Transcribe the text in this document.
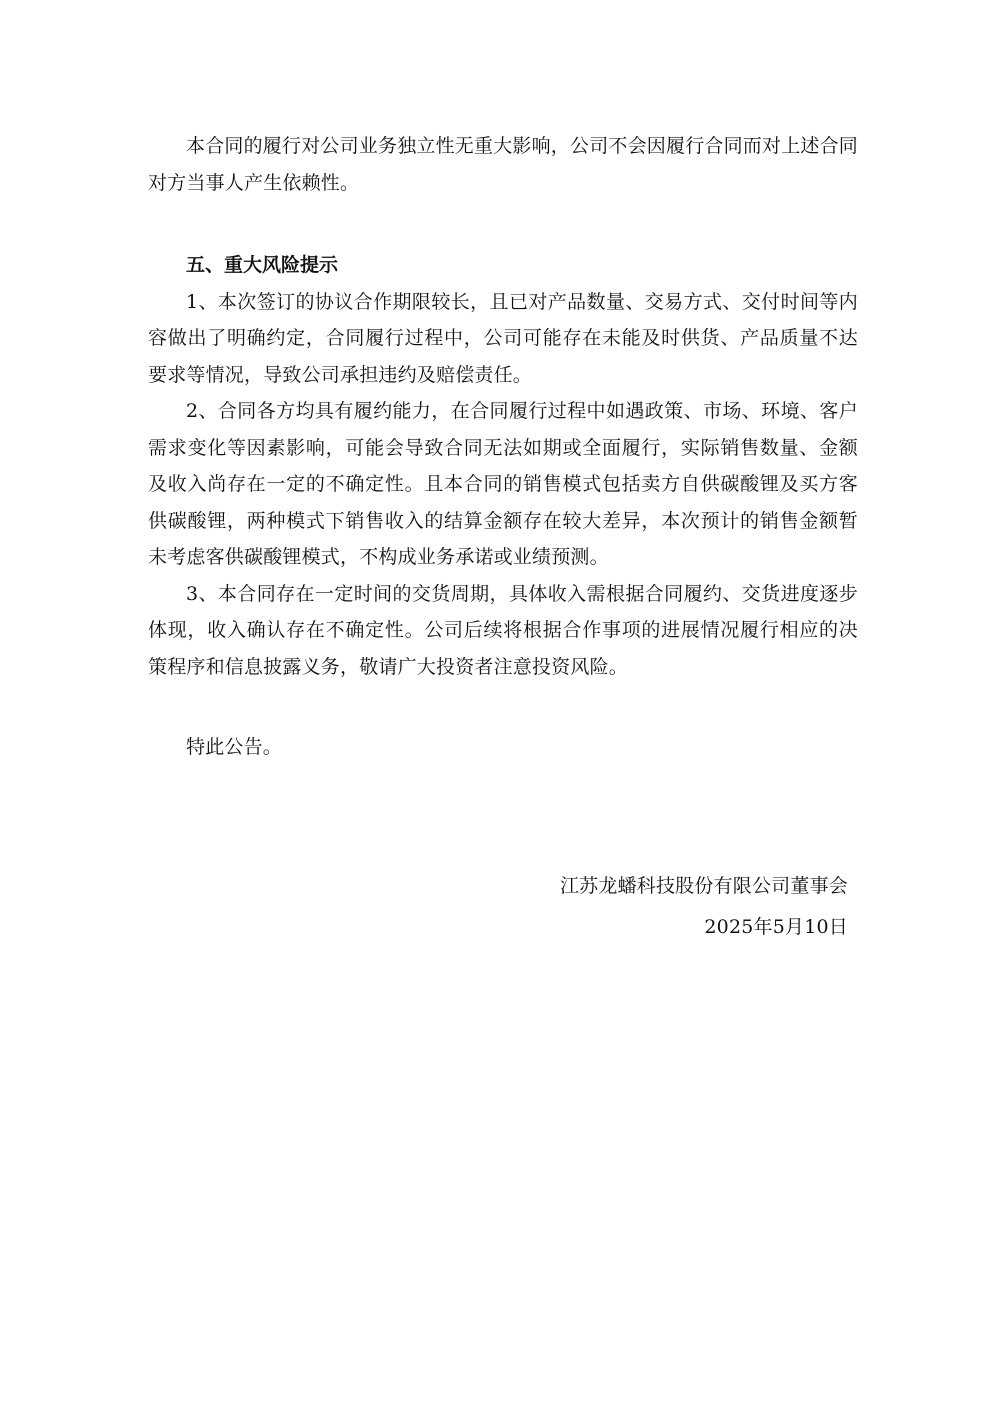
本合同的履行对公司业务独立性无重大影响，公司不会因履行合同而对上述合同对方当事人产生依赖性。

五、重大风险提示

1、本次签订的协议合作期限较长，且已对产品数量、交易方式、交付时间等内容做出了明确约定，合同履行过程中，公司可能存在未能及时供货、产品质量不达要求等情况，导致公司承担违约及赔偿责任。

2、合同各方均具有履约能力，在合同履行过程中如遇政策、市场、环境、客户需求变化等因素影响，可能会导致合同无法如期或全面履行，实际销售数量、金额及收入尚存在一定的不确定性。且本合同的销售模式包括卖方自供碳酸锂及买方客供碳酸锂，两种模式下销售收入的结算金额存在较大差异，本次预计的销售金额暂未考虑客供碳酸锂模式，不构成业务承诺或业绩预测。

3、本合同存在一定时间的交货周期，具体收入需根据合同履约、交货进度逐步体现，收入确认存在不确定性。公司后续将根据合作事项的进展情况履行相应的决策程序和信息披露义务，敬请广大投资者注意投资风险。

特此公告。

江苏龙蟠科技股份有限公司董事会
2025年5月10日
